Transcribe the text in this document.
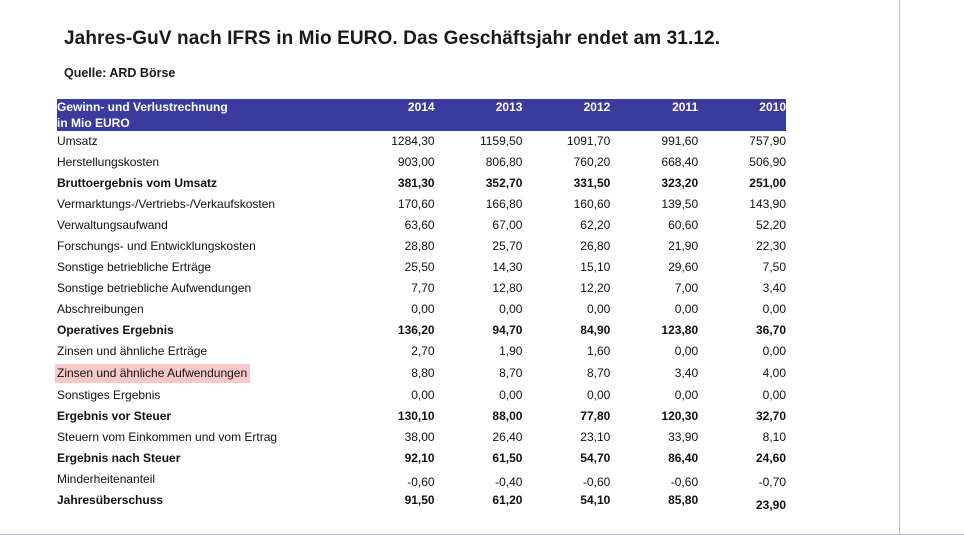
Jahres-GuV nach IFRS in Mio EURO. Das Geschäftsjahr endet am 31.12.
Quelle: ARD Börse
Gewinn- und Verlustrechnung
in Mio EURO	2014	2013	2012	2011	2010
Umsatz	1284,30	1159,50	1091,70	991,60	757,90
Herstellungskosten	903,00	806,80	760,20	668,40	506,90
Bruttoergebnis vom Umsatz	381,30	352,70	331,50	323,20	251,00
Vermarktungs-/Vertriebs-/Verkaufskosten	170,60	166,80	160,60	139,50	143,90
Verwaltungsaufwand	63,60	67,00	62,20	60,60	52,20
Forschungs- und Entwicklungskosten	28,80	25,70	26,80	21,90	22,30
Sonstige betriebliche Erträge	25,50	14,30	15,10	29,60	7,50
Sonstige betriebliche Aufwendungen	7,70	12,80	12,20	7,00	3,40
Abschreibungen	0,00	0,00	0,00	0,00	0,00
Operatives Ergebnis	136,20	94,70	84,90	123,80	36,70
Zinsen und ähnliche Erträge	2,70	1,90	1,60	0,00	0,00
Zinsen und ähnliche Aufwendungen	8,80	8,70	8,70	3,40	4,00
Sonstiges Ergebnis	0,00	0,00	0,00	0,00	0,00
Ergebnis vor Steuer	130,10	88,00	77,80	120,30	32,70
Steuern vom Einkommen und vom Ertrag	38,00	26,40	23,10	33,90	8,10
Ergebnis nach Steuer	92,10	61,50	54,70	86,40	24,60
Minderheitenanteil	-0,60	-0,40	-0,60	-0,60	-0,70
Jahresüberschuss	91,50	61,20	54,10	85,80	23,90
